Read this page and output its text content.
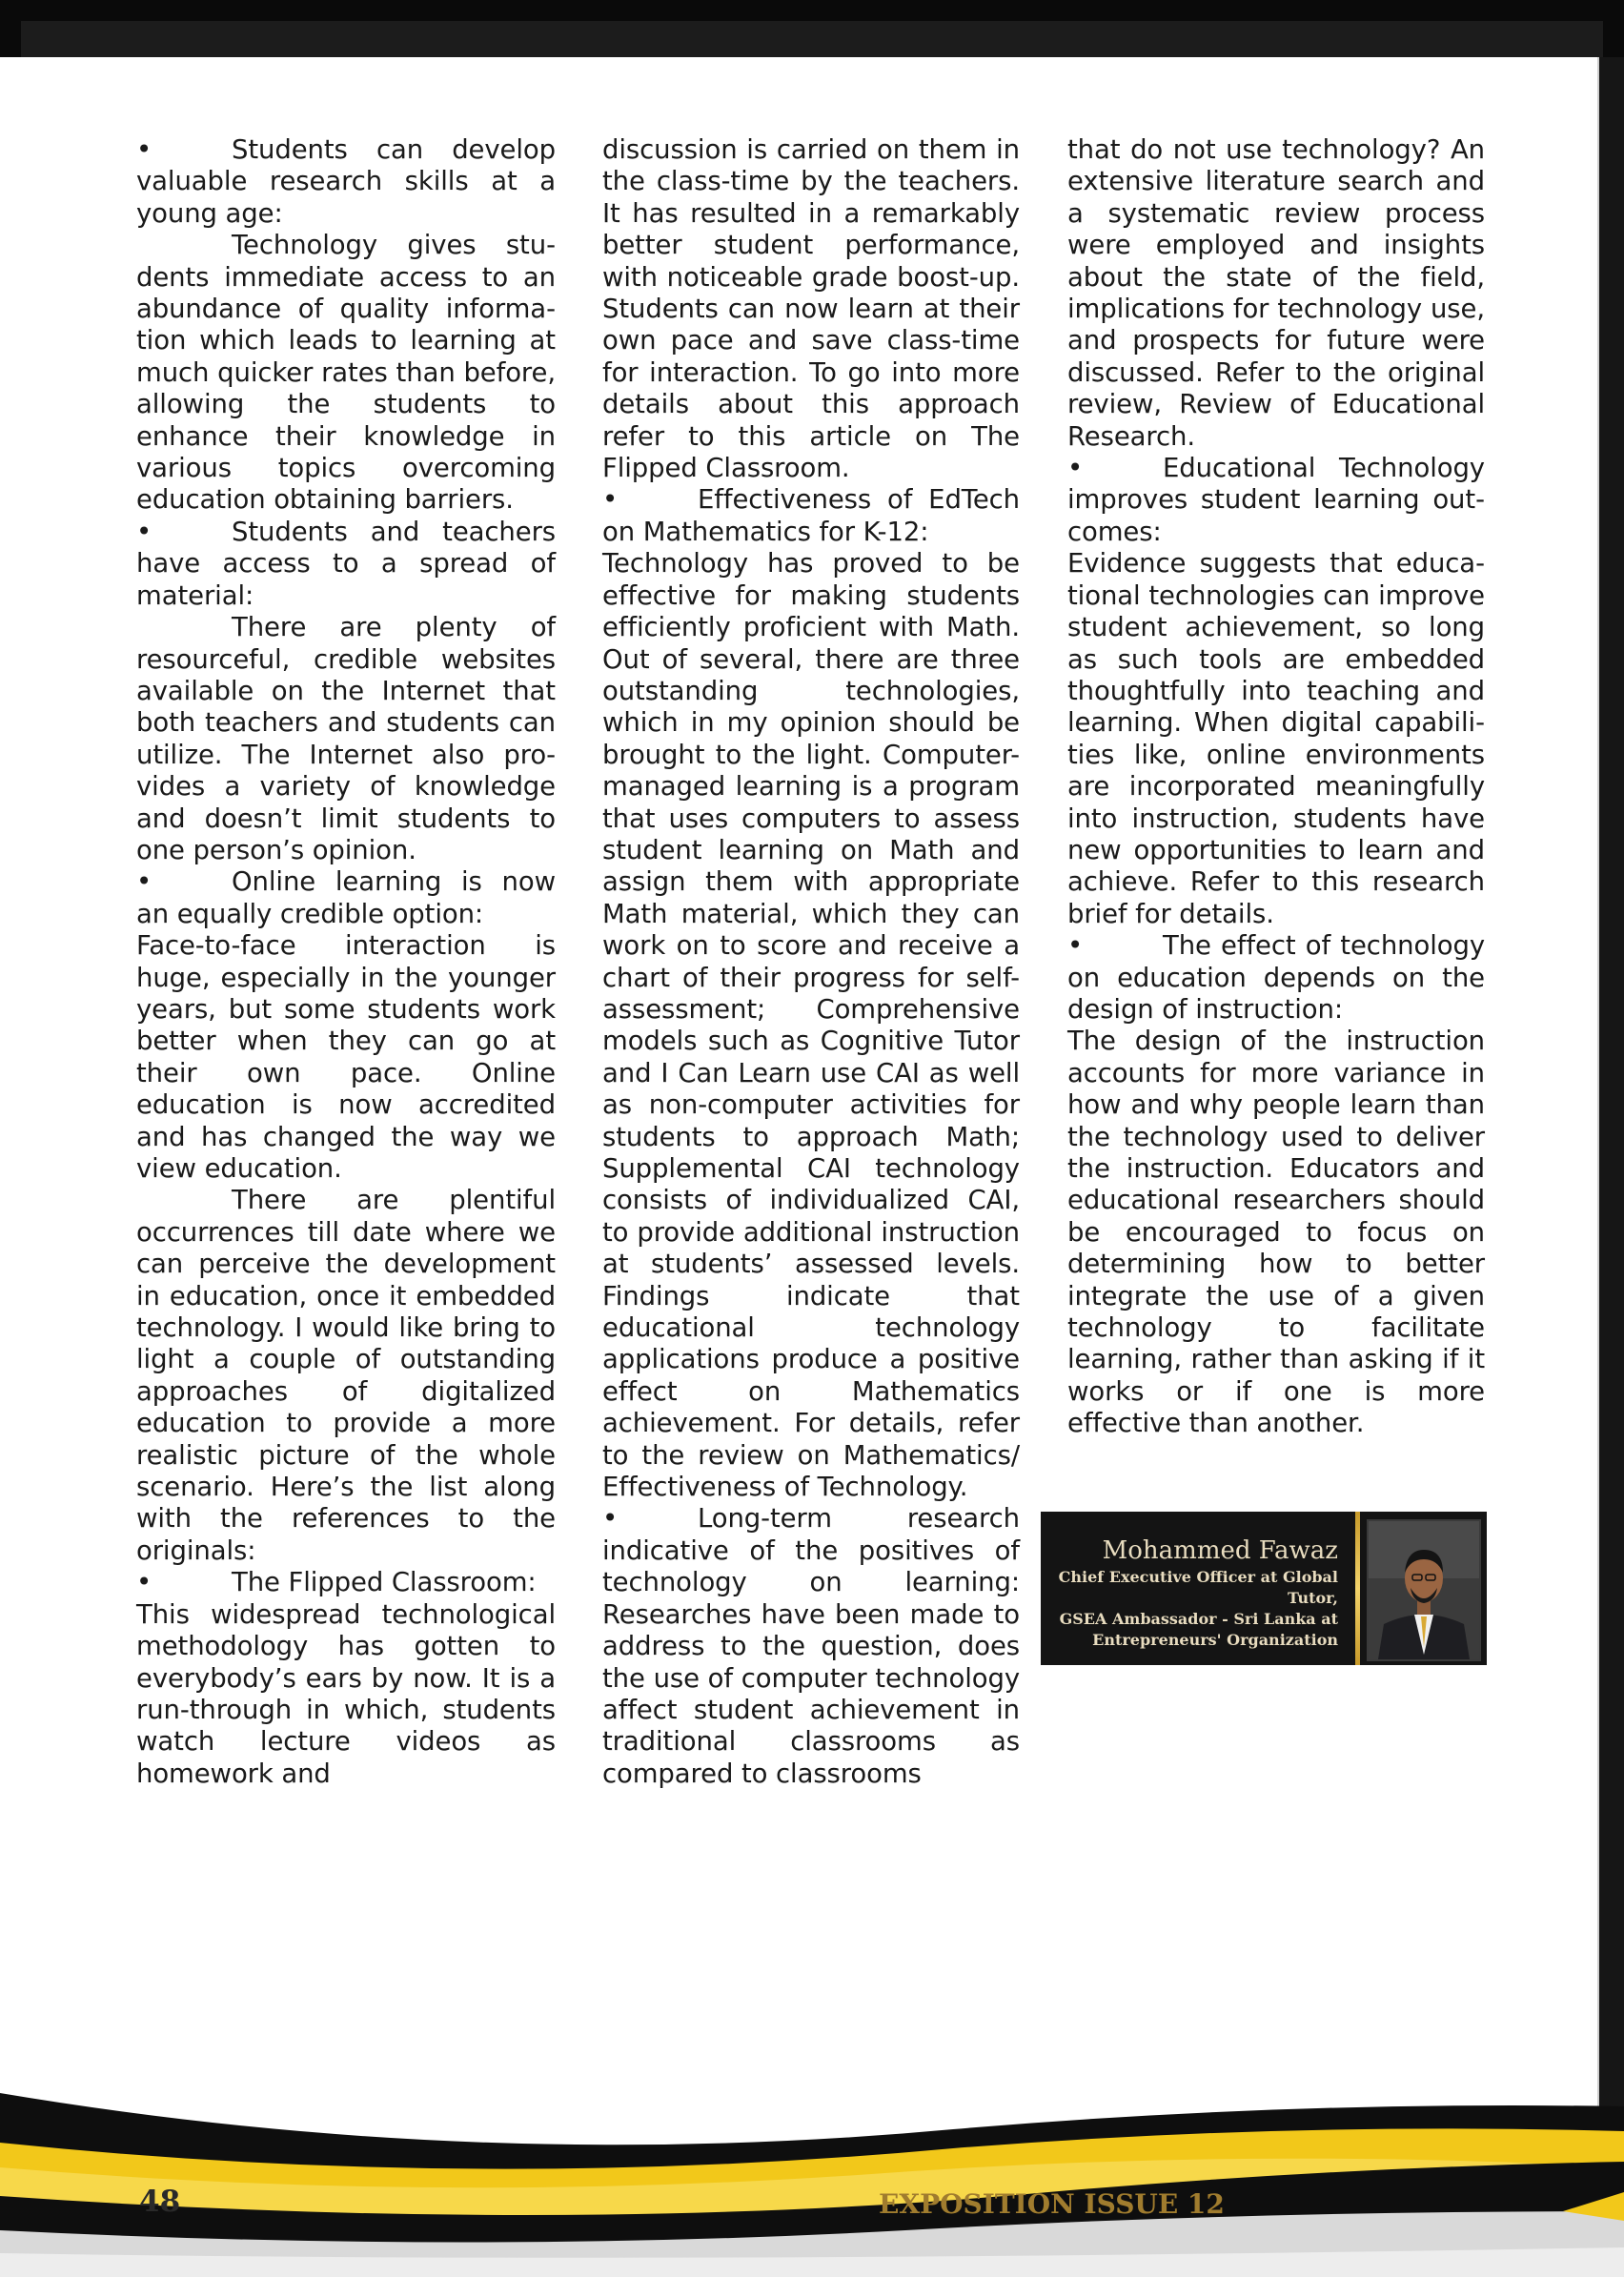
•	Students can develop valuable research skills at a young age:

Technology gives students immediate access to an abundance of quality information which leads to learning at much quicker rates than before, allowing the students to enhance their knowledge in various topics overcoming education obtaining barriers.

•	Students and teachers have access to a spread of material:

There are plenty of resourceful, credible websites available on the Internet that both teachers and students can utilize. The Internet also provides a variety of knowledge and doesn’t limit students to one person’s opinion.

•	Online learning is now an equally credible option:

Face-to-face interaction is huge, especially in the younger years, but some students work better when they can go at their own pace. Online education is now accredited and has changed the way we view education.

There are plentiful occurrences till date where we can perceive the development in education, once it embedded technology. I would like bring to light a couple of outstanding approaches of digitalized education to provide a more realistic picture of the whole scenario. Here’s the list along with the references to the originals:

•	The Flipped Classroom:

This widespread technological methodology has gotten to everybody’s ears by now. It is a run-through in which, students watch lecture videos as homework and

discussion is carried on them in the class-time by the teachers. It has resulted in a remarkably better student performance, with noticeable grade boost-up. Students can now learn at their own pace and save class-time for interaction. To go into more details about this approach refer to this article on The Flipped Classroom.

•	Effectiveness of EdTech on Mathematics for K-12:

Technology has proved to be effective for making students efficiently proficient with Math. Out of several, there are three outstanding technologies, which in my opinion should be brought to the light. Computer-managed learning is a program that uses computers to assess student learning on Math and assign them with appropriate Math material, which they can work on to score and receive a chart of their progress for self-assessment; Comprehensive models such as Cognitive Tutor and I Can Learn use CAI as well as non-computer activities for students to approach Math; Supplemental CAI technology consists of individualized CAI, to provide additional instruction at students’ assessed levels. Findings indicate that educational technology applications produce a positive effect on Mathematics achievement. For details, refer to the review on Mathematics/ Effectiveness of Technology.

•	Long-term research indicative of the positives of technology on learning: Researches have been made to address to the question, does the use of computer technology affect student achievement in traditional classrooms as compared to classrooms

that do not use technology? An extensive literature search and a systematic review process were employed and insights about the state of the field, implications for technology use, and prospects for future were discussed. Refer to the original review, Review of Educational Research.

•	Educational Technology improves student learning outcomes:

Evidence suggests that educational technologies can improve student achievement, so long as such tools are embedded thoughtfully into teaching and learning. When digital capabilities like, online environments are incorporated meaningfully into instruction, students have new opportunities to learn and achieve. Refer to this research brief for details.

•	The effect of technology on education depends on the design of instruction:

The design of the instruction accounts for more variance in how and why people learn than the technology used to deliver the instruction. Educators and educational researchers should be encouraged to focus on determining how to better integrate the use of a given technology to facilitate learning, rather than asking if it works or if one is more effective than another.

Mohammed Fawaz
Chief Executive Officer at Global Tutor,
GSEA Ambassador - Sri Lanka at
Entrepreneurs' Organization
48	EXPOSITION ISSUE 12
